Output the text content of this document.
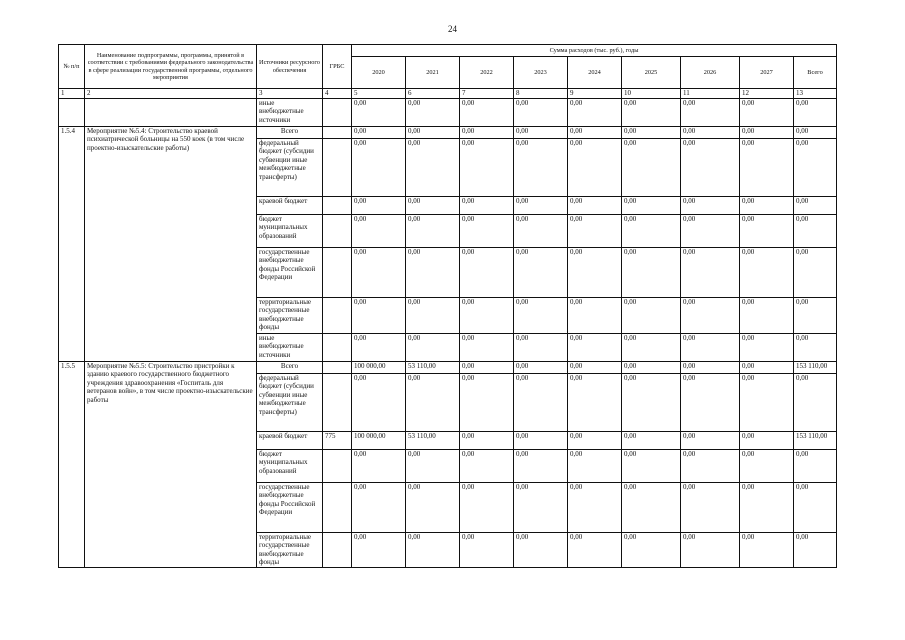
24
№ п/п	Наименование подпрограммы, программы, принятой в соответствии с требованиями федерального законодательства в сфере реализации государственной программы, отдельного мероприятия	Источники ресурсного обеспечения	ГРБС	Сумма расходов (тыс. руб.), годы								
				2020	2021	2022	2023	2024	2025	2026	2027	Всего
1	2	3	4	5	6	7	8	9	10	11	12	13
		иные внебюджетные источники		0,00	0,00	0,00	0,00	0,00	0,00	0,00	0,00	0,00
1.5.4	Мероприятие №5.4: Строительство краевой психиатрической больницы на 550 коек (в том числе проектно-изыскательские работы)	Всего		0,00	0,00	0,00	0,00	0,00	0,00	0,00	0,00	0,00
		федеральный бюджет (субсидии субвенции иные межбюджетные трансферты)		0,00	0,00	0,00	0,00	0,00	0,00	0,00	0,00	0,00
		краевой бюджет		0,00	0,00	0,00	0,00	0,00	0,00	0,00	0,00	0,00
		бюджет муниципальных образований		0,00	0,00	0,00	0,00	0,00	0,00	0,00	0,00	0,00
		государственные внебюджетные фонды Российской Федерации		0,00	0,00	0,00	0,00	0,00	0,00	0,00	0,00	0,00
		территориальные государственные внебюджетные фонды		0,00	0,00	0,00	0,00	0,00	0,00	0,00	0,00	0,00
		иные внебюджетные источники		0,00	0,00	0,00	0,00	0,00	0,00	0,00	0,00	0,00
1.5.5	Мероприятие №5.5: Строительство пристройки к зданию краевого государственного бюджетного учреждения здравоохранения «Госпиталь для ветеранов войн», в том числе проектно-изыскательские работы	Всего		100 000,00	53 110,00	0,00	0,00	0,00	0,00	0,00	0,00	153 110,00
		федеральный бюджет (субсидии субвенции иные межбюджетные трансферты)		0,00	0,00	0,00	0,00	0,00	0,00	0,00	0,00	0,00
		краевой бюджет	775	100 000,00	53 110,00	0,00	0,00	0,00	0,00	0,00	0,00	153 110,00
		бюджет муниципальных образований		0,00	0,00	0,00	0,00	0,00	0,00	0,00	0,00	0,00
		государственные внебюджетные фонды Российской Федерации		0,00	0,00	0,00	0,00	0,00	0,00	0,00	0,00	0,00
		территориальные государственные внебюджетные фонды		0,00	0,00	0,00	0,00	0,00	0,00	0,00	0,00	0,00
